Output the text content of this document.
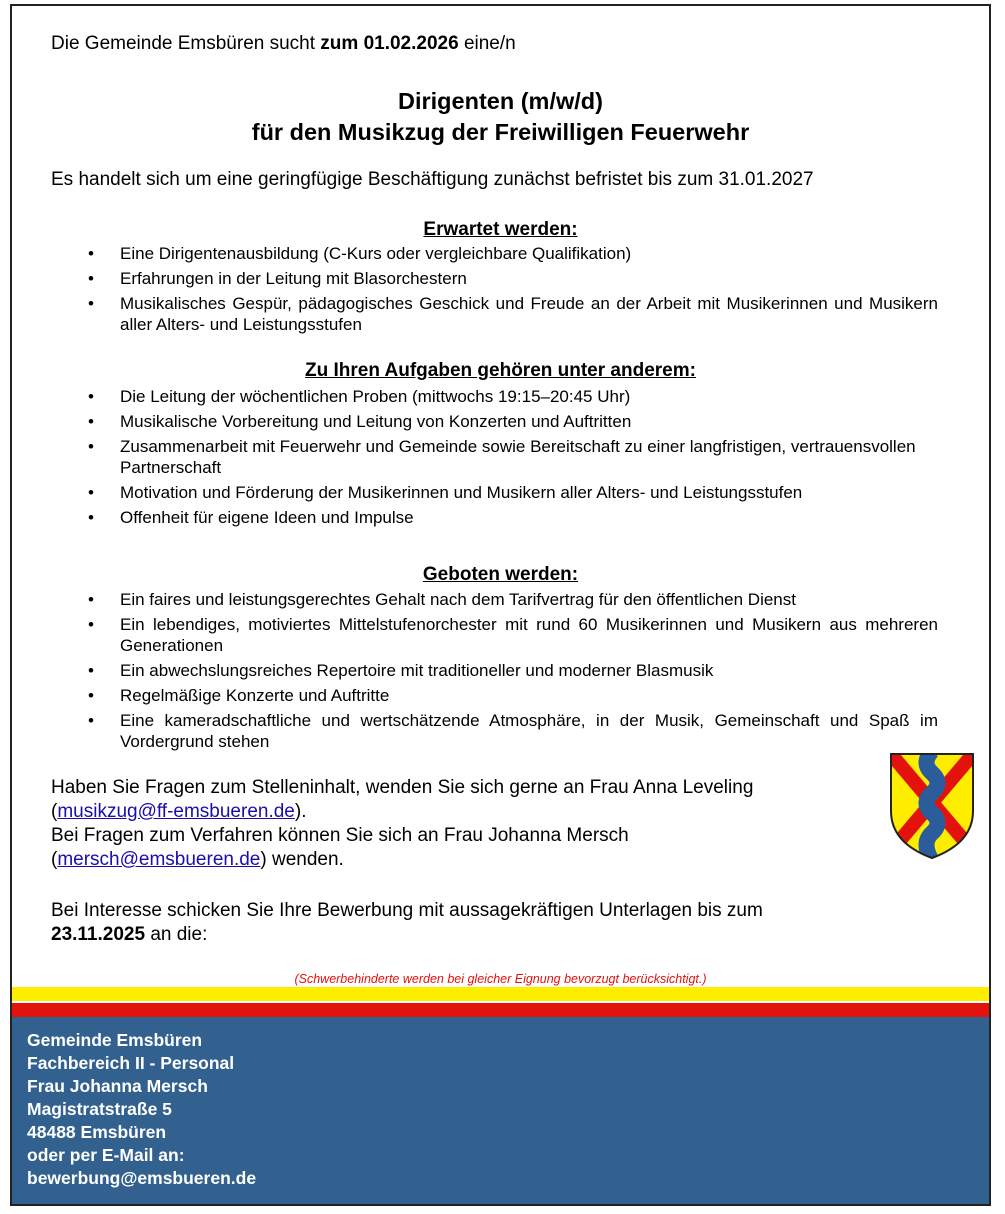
Die Gemeinde Emsbüren sucht zum 01.02.2026 eine/n
Dirigenten (m/w/d)
für den Musikzug der Freiwilligen Feuerwehr
Es handelt sich um eine geringfügige Beschäftigung zunächst befristet bis zum 31.01.2027
Erwartet werden:
• Eine Dirigentenausbildung (C-Kurs oder vergleichbare Qualifikation)
• Erfahrungen in der Leitung mit Blasorchestern
• Musikalisches Gespür, pädagogisches Geschick und Freude an der Arbeit mit Musikerinnen und Musikern aller Alters- und Leistungsstufen
Zu Ihren Aufgaben gehören unter anderem:
• Die Leitung der wöchentlichen Proben (mittwochs 19:15–20:45 Uhr)
• Musikalische Vorbereitung und Leitung von Konzerten und Auftritten
• Zusammenarbeit mit Feuerwehr und Gemeinde sowie Bereitschaft zu einer langfristigen, vertrauensvollen Partnerschaft
• Motivation und Förderung der Musikerinnen und Musikern aller Alters- und Leistungsstufen
• Offenheit für eigene Ideen und Impulse
Geboten werden:
• Ein faires und leistungsgerechtes Gehalt nach dem Tarifvertrag für den öffentlichen Dienst
• Ein lebendiges, motiviertes Mittelstufenorchester mit rund 60 Musikerinnen und Musikern aus mehreren Generationen
• Ein abwechslungsreiches Repertoire mit traditioneller und moderner Blasmusik
• Regelmäßige Konzerte und Auftritte
• Eine kameradschaftliche und wertschätzende Atmosphäre, in der Musik, Gemeinschaft und Spaß im Vordergrund stehen
Haben Sie Fragen zum Stelleninhalt, wenden Sie sich gerne an Frau Anna Leveling
(musikzug@ff-emsbueren.de).
Bei Fragen zum Verfahren können Sie sich an Frau Johanna Mersch
(mersch@emsbueren.de) wenden.
Bei Interesse schicken Sie Ihre Bewerbung mit aussagekräftigen Unterlagen bis zum
23.11.2025 an die:
(Schwerbehinderte werden bei gleicher Eignung bevorzugt berücksichtigt.)
Gemeinde Emsbüren
Fachbereich II - Personal
Frau Johanna Mersch
Magistratstraße 5
48488 Emsbüren
oder per E-Mail an:
bewerbung@emsbueren.de
